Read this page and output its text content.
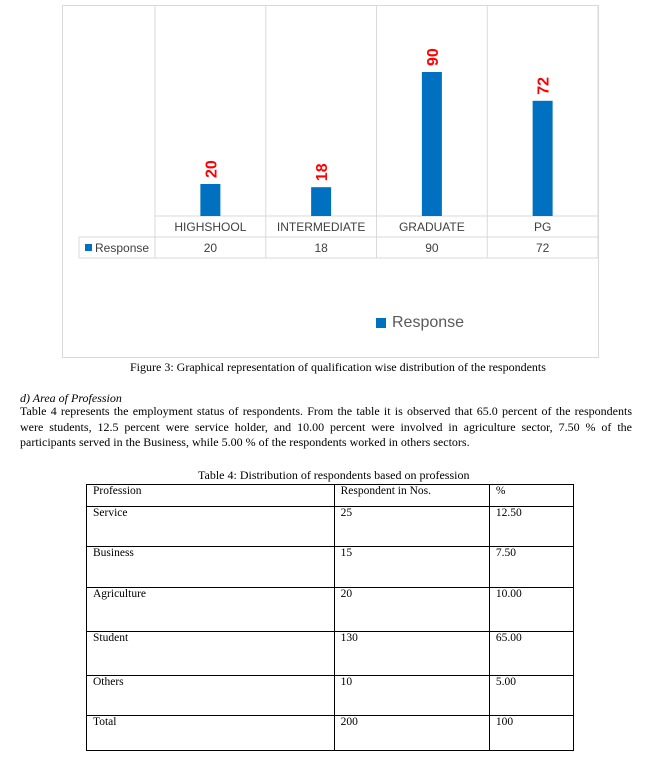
20	18
90
72
HIGHSHOOL	INTERMEDIATE	GRADUATE	PG
Response	20	18	90	72
Response
Figure 3: Graphical representation of qualification wise distribution of the respondents
d) Area of Profession
Table 4 represents the employment status of respondents. From the table it is observed that 65.0 percent of the respondents were students, 12.5 percent were service holder, and 10.00 percent were involved in agriculture sector, 7.50 % of the participants served in the Business, while 5.00 % of the respondents worked in others sectors.
Table 4: Distribution of respondents based on profession
Profession	Respondent in Nos.	%
Service	25	12.50
Business	15	7.50
Agriculture	20	10.00
Student	130	65.00
Others	10	5.00
Total	200	100
